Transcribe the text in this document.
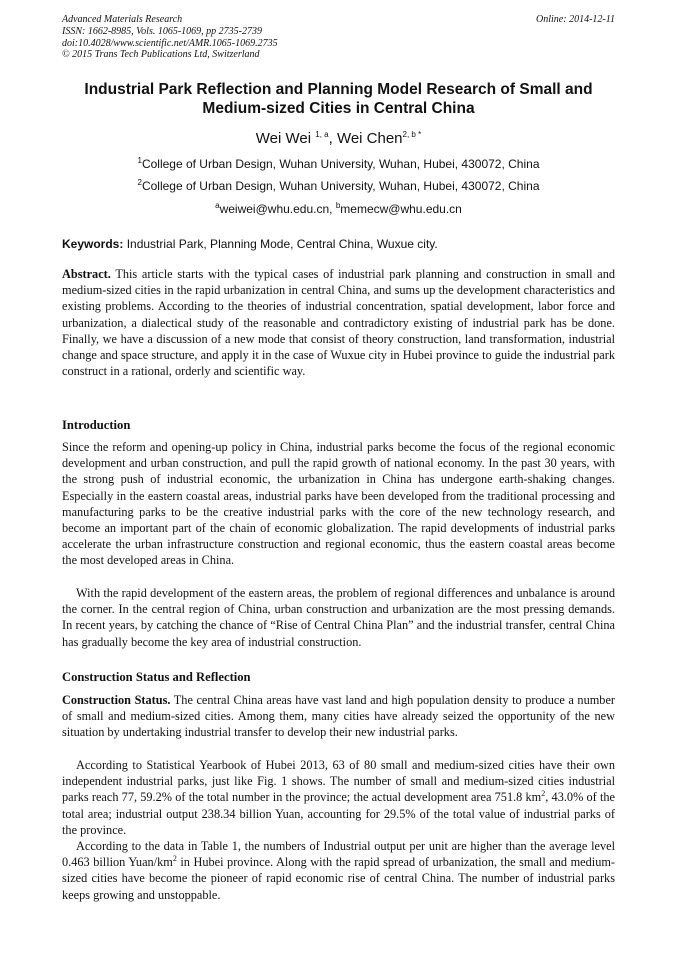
Advanced Materials Research
ISSN: 1662-8985, Vols. 1065-1069, pp 2735-2739
doi:10.4028/www.scientific.net/AMR.1065-1069.2735
© 2015 Trans Tech Publications Ltd, Switzerland
Online: 2014-12-11
Industrial Park Reflection and Planning Model Research of Small and Medium-sized Cities in Central China
Wei Wei $^{1, a}$, Wei Chen$^{2, b *}$
$^1$College of Urban Design, Wuhan University, Wuhan, Hubei, 430072, China
$^2$College of Urban Design, Wuhan University, Wuhan, Hubei, 430072, China
$^a$weiwei@whu.edu.cn, $^b$memecw@whu.edu.cn
Keywords: Industrial Park, Planning Mode, Central China, Wuxue city.
Abstract. This article starts with the typical cases of industrial park planning and construction in small and medium-sized cities in the rapid urbanization in central China, and sums up the development characteristics and existing problems. According to the theories of industrial concentration, spatial development, labor force and urbanization, a dialectical study of the reasonable and contradictory existing of industrial park has be done. Finally, we have a discussion of a new mode that consist of theory construction, land transformation, industrial change and space structure, and apply it in the case of Wuxue city in Hubei province to guide the industrial park construct in a rational, orderly and scientific way.
Introduction
Since the reform and opening-up policy in China, industrial parks become the focus of the regional economic development and urban construction, and pull the rapid growth of national economy. In the past 30 years, with the strong push of industrial economic, the urbanization in China has undergone earth-shaking changes. Especially in the eastern coastal areas, industrial parks have been developed from the traditional processing and manufacturing parks to be the creative industrial parks with the core of the new technology research, and become an important part of the chain of economic globalization. The rapid developments of industrial parks accelerate the urban infrastructure construction and regional economic, thus the eastern coastal areas become the most developed areas in China.
With the rapid development of the eastern areas, the problem of regional differences and unbalance is around the corner. In the central region of China, urban construction and urbanization are the most pressing demands. In recent years, by catching the chance of “Rise of Central China Plan” and the industrial transfer, central China has gradually become the key area of industrial construction.
Construction Status and Reflection
Construction Status. The central China areas have vast land and high population density to produce a number of small and medium-sized cities. Among them, many cities have already seized the opportunity of the new situation by undertaking industrial transfer to develop their new industrial parks.
According to Statistical Yearbook of Hubei 2013, 63 of 80 small and medium-sized cities have their own independent industrial parks, just like Fig. 1 shows. The number of small and medium-sized cities industrial parks reach 77, 59.2% of the total number in the province; the actual development area 751.8 $km^2$, 43.0% of the total area; industrial output 238.34 billion Yuan, accounting for 29.5% of the total value of industrial parks of the province.
According to the data in Table 1, the numbers of Industrial output per unit are higher than the average level 0.463 billion Yuan/$km^2$ in Hubei province. Along with the rapid spread of urbanization, the small and medium-sized cities have become the pioneer of rapid economic rise of central China. The number of industrial parks keeps growing and unstoppable.
